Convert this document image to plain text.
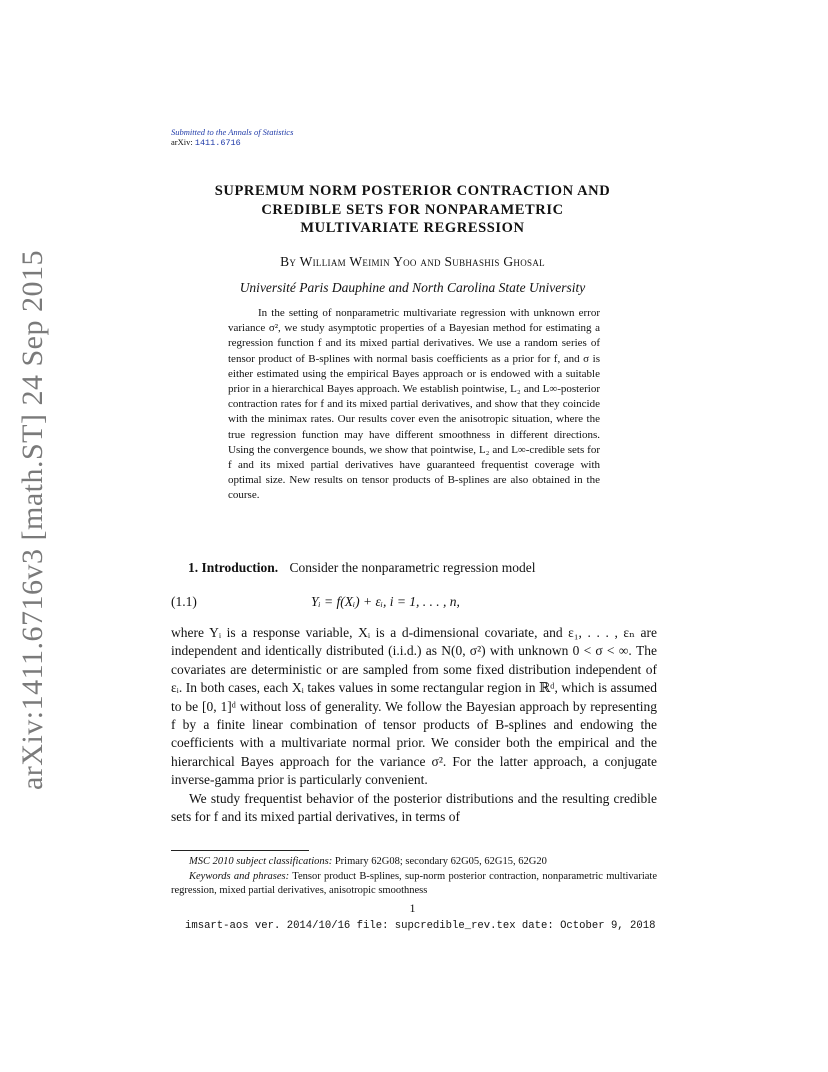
arXiv:1411.6716v3 [math.ST] 24 Sep 2015
Submitted to the Annals of Statistics
arXiv: 1411.6716
SUPREMUM NORM POSTERIOR CONTRACTION AND
CREDIBLE SETS FOR NONPARAMETRIC
MULTIVARIATE REGRESSION
By William Weimin Yoo and Subhashis Ghosal
Université Paris Dauphine and North Carolina State University

In the setting of nonparametric multivariate regression with unknown error variance σ², we study asymptotic properties of a Bayesian method for estimating a regression function f and its mixed partial derivatives. We use a random series of tensor product of B-splines with normal basis coefficients as a prior for f, and σ is either estimated using the empirical Bayes approach or is endowed with a suitable prior in a hierarchical Bayes approach. We establish pointwise, L₂ and L∞-posterior contraction rates for f and its mixed partial derivatives, and show that they coincide with the minimax rates. Our results cover even the anisotropic situation, where the true regression function may have different smoothness in different directions. Using the convergence bounds, we show that pointwise, L₂ and L∞-credible sets for f and its mixed partial derivatives have guaranteed frequentist coverage with optimal size. New results on tensor products of B-splines are also obtained in the course.

1. Introduction. Consider the nonparametric regression model
(1.1)	Yᵢ = f(Xᵢ) + εᵢ, i = 1, . . . , n,

where Yᵢ is a response variable, Xᵢ is a d-dimensional covariate, and ε₁, . . . , εₙ are independent and identically distributed (i.i.d.) as N(0, σ²) with unknown 0 < σ < ∞. The covariates are deterministic or are sampled from some fixed distribution independent of εᵢ. In both cases, each Xᵢ takes values in some rectangular region in ℝᵈ, which is assumed to be [0, 1]ᵈ without loss of generality. We follow the Bayesian approach by representing f by a finite linear combination of tensor products of B-splines and endowing the coefficients with a multivariate normal prior. We consider both the empirical and the hierarchical Bayes approach for the variance σ². For the latter approach, a conjugate inverse-gamma prior is particularly convenient.

We study frequentist behavior of the posterior distributions and the resulting credible sets for f and its mixed partial derivatives, in terms of

MSC 2010 subject classifications: Primary 62G08; secondary 62G05, 62G15, 62G20

Keywords and phrases: Tensor product B-splines, sup-norm posterior contraction, nonparametric multivariate regression, mixed partial derivatives, anisotropic smoothness

1
imsart-aos ver. 2014/10/16 file: supcredible_rev.tex date: October 9, 2018
